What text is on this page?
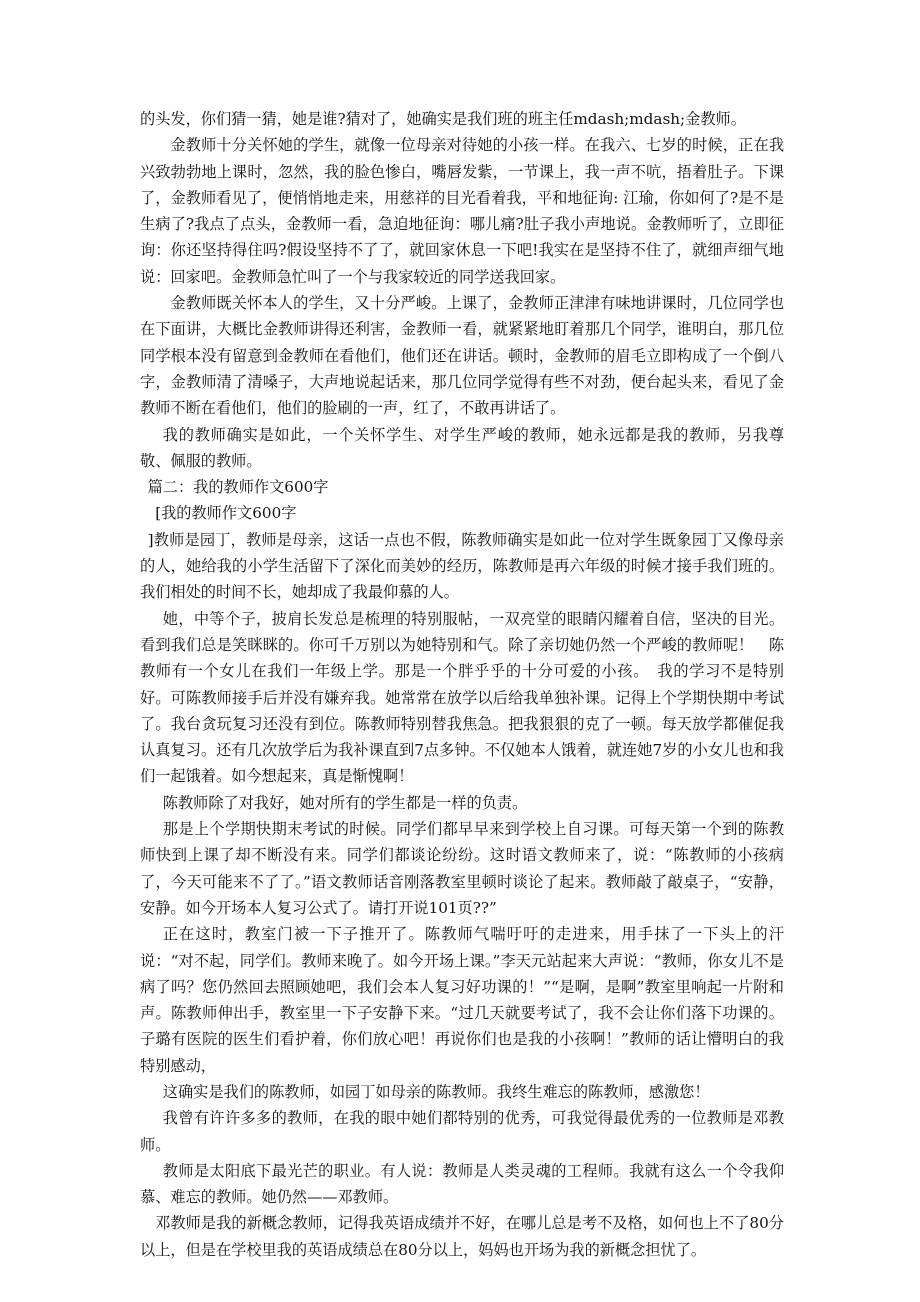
的头发，你们猜一猜，她是谁?猜对了，她确实是我们班的班主任mdash;mdash;金教师。

金教师十分关怀她的学生，就像一位母亲对待她的小孩一样。在我六、七岁的时候，正在我兴致勃勃地上课时，忽然，我的脸色惨白，嘴唇发紫，一节课上，我一声不吭，捂着肚子。下课了，金教师看见了，便悄悄地走来，用慈祥的目光看着我，平和地征询: 江瑜，你如何了?是不是生病了?我点了点头，金教师一看，急迫地征询：哪儿痛?肚子我小声地说。金教师听了，立即征询：你还坚持得住吗?假设坚持不了了，就回家休息一下吧!我实在是坚持不住了，就细声细气地说：回家吧。金教师急忙叫了一个与我家较近的同学送我回家。

金教师既关怀本人的学生，又十分严峻。上课了，金教师正津津有味地讲课时，几位同学也在下面讲，大概比金教师讲得还利害，金教师一看，就紧紧地盯着那几个同学，谁明白，那几位同学根本没有留意到金教师在看他们，他们还在讲话。顿时，金教师的眉毛立即构成了一个倒八字，金教师清了清嗓子，大声地说起话来，那几位同学觉得有些不对劲，便台起头来，看见了金教师不断在看他们，他们的脸刷的一声，红了，不敢再讲话了。

我的教师确实是如此，一个关怀学生、对学生严峻的教师，她永远都是我的教师，另我尊敬、佩服的教师。

篇二：我的教师作文600字

[我的教师作文600字

]教师是园丁，教师是母亲，这话一点也不假，陈教师确实是如此一位对学生既象园丁又像母亲的人，她给我的小学生活留下了深化而美妙的经历，陈教师是再六年级的时候才接手我们班的。我们相处的时间不长，她却成了我最仰慕的人。

她，中等个子，披肩长发总是梳理的特别服帖，一双亮堂的眼睛闪耀着自信，坚决的目光。看到我们总是笑眯眯的。你可千万别以为她特别和气。除了亲切她仍然一个严峻的教师呢！　陈教师有一个女儿在我们一年级上学。那是一个胖乎乎的十分可爱的小孩。　我的学习不是特别好。可陈教师接手后并没有嫌弃我。她常常在放学以后给我单独补课。记得上个学期快期中考试了。我台贪玩复习还没有到位。陈教师特别替我焦急。把我狠狠的克了一顿。每天放学都催促我认真复习。还有几次放学后为我补课直到7点多钟。不仅她本人饿着，就连她7岁的小女儿也和我们一起饿着。如今想起来，真是惭愧啊！

陈教师除了对我好，她对所有的学生都是一样的负责。

那是上个学期快期末考试的时候。同学们都早早来到学校上自习课。可每天第一个到的陈教师快到上课了却不断没有来。同学们都谈论纷纷。这时语文教师来了，说：“陈教师的小孩病了，今天可能来不了了。”语文教师话音刚落教室里顿时谈论了起来。教师敲了敲桌子，“安静，安静。如今开场本人复习公式了。请打开说101页??”

正在这时，教室门被一下子推开了。陈教师气喘吁吁的走进来，用手抹了一下头上的汗说：“对不起，同学们。教师来晚了。如今开场上课。”李天元站起来大声说：“教师，你女儿不是病了吗？您仍然回去照顾她吧，我们会本人复习好功课的！”“是啊，是啊”教室里响起一片附和声。陈教师伸出手，教室里一下子安静下来。“过几天就要考试了，我不会让你们落下功课的。子璐有医院的医生们看护着，你们放心吧！再说你们也是我的小孩啊！”教师的话让懵明白的我特别感动，

这确实是我们的陈教师，如园丁如母亲的陈教师。我终生难忘的陈教师，感激您！

我曾有许许多多的教师，在我的眼中她们都特别的优秀，可我觉得最优秀的一位教师是邓教师。

教师是太阳底下最光芒的职业。有人说：教师是人类灵魂的工程师。我就有这么一个令我仰慕、难忘的教师。她仍然——邓教师。

邓教师是我的新概念教师，记得我英语成绩并不好，在哪儿总是考不及格，如何也上不了80分以上，但是在学校里我的英语成绩总在80分以上，妈妈也开场为我的新概念担忧了。
